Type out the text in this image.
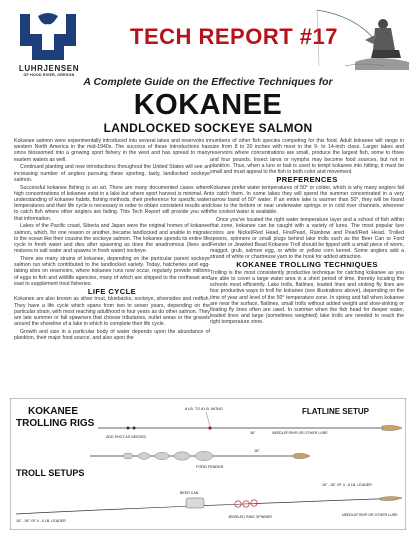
LUHRJENSEN
OF HOOD RIVER, OREGON
TECH REPORT #17
A Complete Guide on the Effective Techniques for
KOKANEE
LANDLOCKED SOCKEYE SALMON

Kokanee salmon were experimentally introduced into several lakes and reservoirs in western North America in the mid-1940s. The success of these introductions has since blossomed into a growing sport fishery in the west and has spread to many eastern waters as well.

Continued planting and new introductions throughout the United States will see an increasing number of anglers pursuing these sporting, tasty, landlocked sockeye salmon.

Successful kokanee fishing is an art. There are many documented cases where high concentrations of kokanee exist in a lake but where sport harvest is minimal. An understanding of kokanee habits, fishing methods, their preference for specific water temperatures and their life cycle is necessary in order to obtain consistent results and to catch fish where other anglers are failing. This Tech Report will provide you with that information.

Lakes of the Pacific coast, Siberia and Japan were the original homes of kokanee salmon, which, for one reason or another, became landlocked and unable to migrate to the ocean like their cousins the sockeye salmon. The kokanee spends its entire life cycle in fresh water and dies after spawning as does the anadromous (lives and matures in salt water and spawns in fresh water) sockeye.

There are many strains of kokanee, depending on the particular parent sockeye salmon run which contributed to the landlocked variety. Today, hatcheries and egg-taking sites on reservoirs, where kokanee runs now occur, regularly provide millions of eggs to fish and wildlife agencies, many of which are shipped to the northeast and east to supplement trout fisheries.

LIFE CYCLE

Kokanee are also known as silver trout, bluebacks, sockeye, silversides and redfish. They have a life cycle which spans from two to seven years, depending on the particular strain, with most reaching adulthood in four years as do other salmon. They are late summer or fall spawners that choose tributaries, outlet areas or the gravels around the shoreline of a lake in which to complete their life cycle.

Growth and size in a particular body of water depends upon the abundance of plankton, their major food source, and also upon the

numbers of other fish species competing for this food. Adult kokanee will range in size from 8 to 20 inches with most in the 9- to 14-inch class. Larger lakes and reservoirs where concentrations are small, produce the largest fish, some to three and four pounds. Insect larva or nymphs may become food sources, but not in plankton. Thus, when a lure or bait is used to tempt kokanee into hitting, it must be small and must appeal to the fish in both color and movement.

PREFERENCES

Kokanee prefer water temperatures of 50° or colder, which is why many anglers fail to catch them. In some lakes they will spend the summer concentrated in a very narrow band of 50° water. If an entire lake is warmer than 50°, they will be found close to the bottom or near underwater springs or in cold river channels, wherever the coolest water is available.

Once you've located the right water temperature layer and a school of fish within that zone, kokanee can be caught with a variety of lures. The most popular lure colors are Nickel/Red Head, Fire/Pearl, Rainbow and Pearl/Red Head. Trolled spoons, spinners or small plugs behind lake trolls such as the Beer Can or Ford Fender or Jeweled Bead Kokanee Troll should be tipped with a small piece of worm, maggot, grub, salmon egg, or white or yellow corn kernel. Some anglers add a strand of white or chartreuse yarn to the hook for added attraction.

KOKANEE TROLLING TECHNIQUES

Trolling is the most consistently productive technique for catching kokanee as you are able to cover a large water area in a short period of time, thereby locating the schools most efficiently. Lake trolls, flatlines, leaded lines and sinking fly lines are four productive ways to troll for kokanee (see illustrations above), depending on the time of year and level of the 50° temperature zone. In spring and fall when kokanee are near the surface, flatlines, small trolls without added weight and slow-sinking or floating fly lines often are used. In summer when the fish head for deeper water, leaded lines and large (sometimes weighted) lake trolls are needed to reach the right temperature zone.

KOKANEE
TROLLING RIGS
TROLL SETUPS
FLATLINE SETUP
6 LB. TO 8 LB. MONO
ADD SHOT AS NEEDED
36"	NEEDLEFISH® OR OTHER LURE
FORD FENDER
18"
18" - 36" OF 4 - 6 LB. LEADER
BEER CAN
JEWELED RING SPINNER
18" - 36" OF 4 - 6 LB. LEADER
NEEDLEFISH® OR OTHER LURE
